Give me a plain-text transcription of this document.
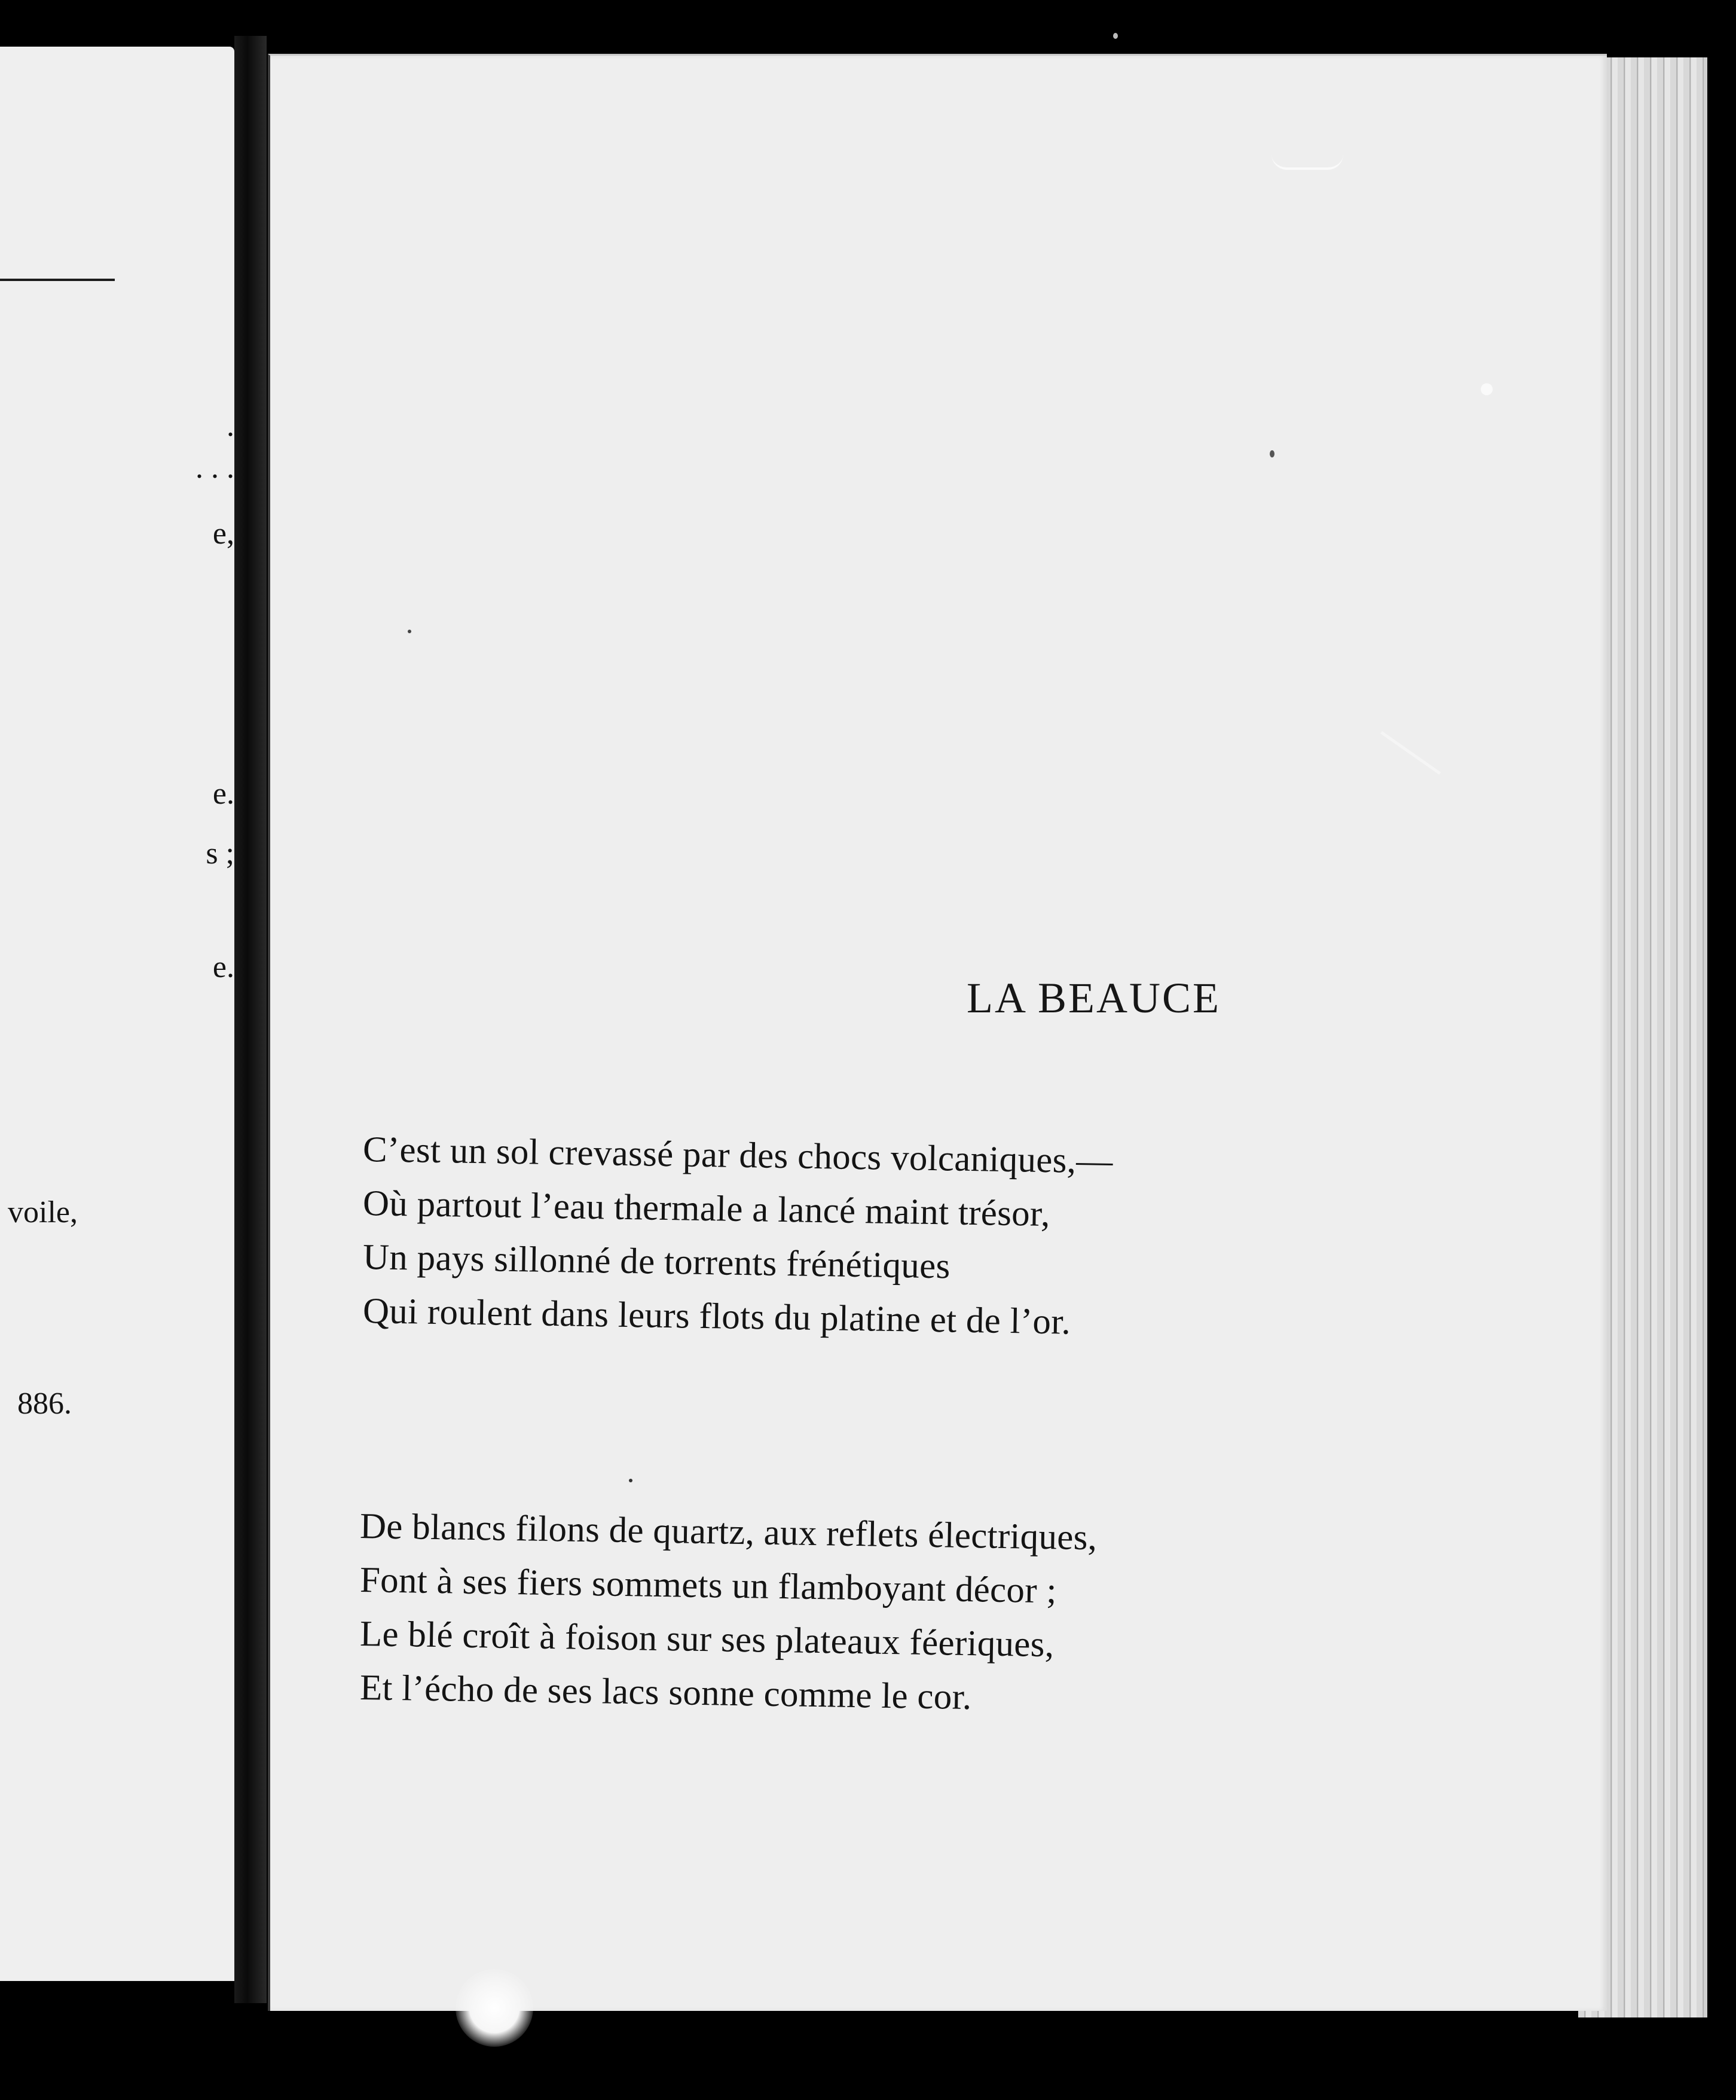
.
. . .
e,
e.
s ;
e.
voile,
886.
LA BEAUCE
C’est un sol crevassé par des chocs volcaniques,—
Où partout l’eau thermale a lancé maint trésor,
Un pays sillonné de torrents frénétiques
Qui roulent dans leurs flots du platine et de l’or.
De blancs filons de quartz, aux reflets électriques,
Font à ses fiers sommets un flamboyant décor ;
Le blé croît à foison sur ses plateaux féeriques,
Et l’écho de ses lacs sonne comme le cor.
